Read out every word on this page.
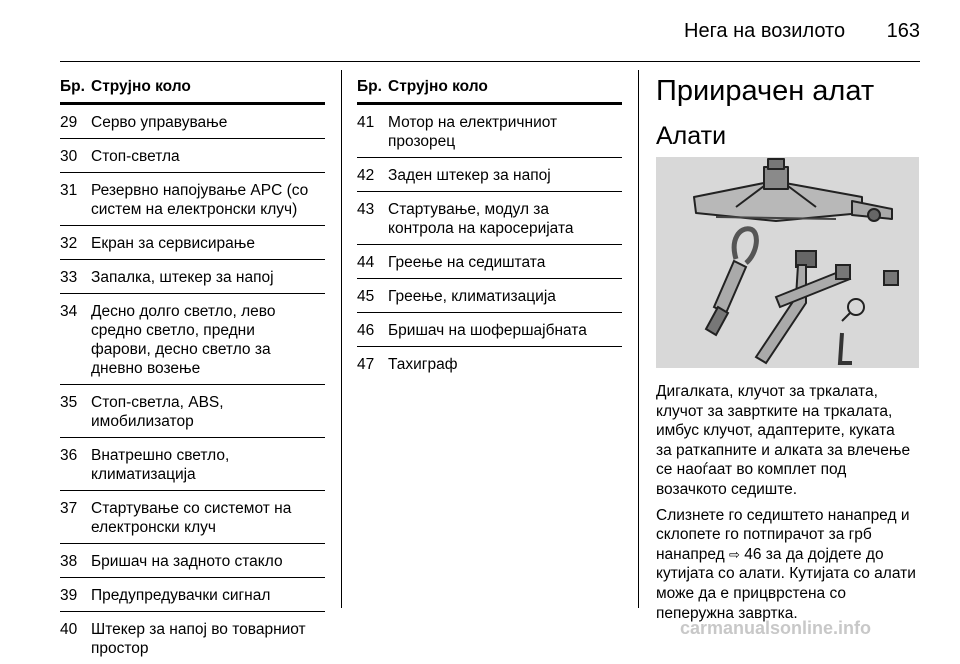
Нега на возилото 163
Бр. Струјно коло
29 Серво управување
30 Стоп-светла
31 Резервно напојување APC (со
систем на електронски клуч)
32 Екран за сервисирање
33 Запалка, штекер за напој
34 Десно долго светло, лево
средно светло, предни
фарови, десно светло за
дневно возење
35 Стоп-светла, ABS,
имобилизатор
36 Внатрешно светло,
климатизација
37 Стартување со системот на
електронски клуч
38 Бришач на задното стакло
39 Предупредувачки сигнал
40 Штекер за напој во товарниот
простор
Бр. Струјно коло
41 Мотор на електричниот
прозорец
42 Заден штекер за напој
43 Стартување, модул за
контрола на каросеријата
44 Греење на седиштата
45 Греење, климатизација
46 Бришач на шофершајбната
47 Тахиграф
Приирачен алат
Алати

Дигалката, клучот за тркалата,
клучот за завртките на тркалата,
имбус клучот, адаптерите, куката
за раткапните и алката за влечење
се наоѓаат во комплет под
возачкото седиште.

Слизнете го седиштето нанапред и
склопете го потпирачот за грб
нанапред ⇨ 46 за да дојдете до
кутијата со алати. Кутијата со алати
може да е прицврстена со
пеперужна завртка.

carmanualsonline.info
